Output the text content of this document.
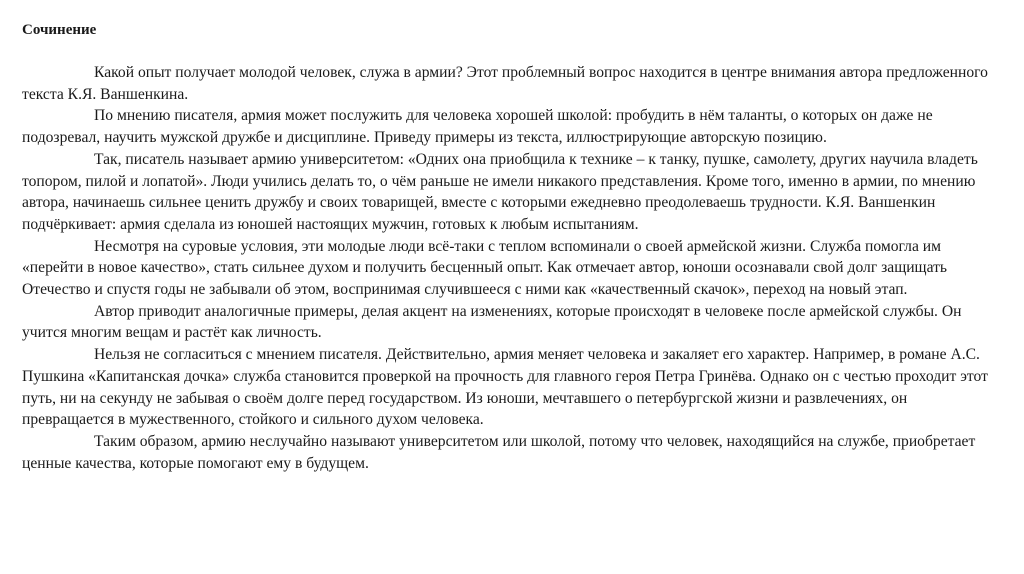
Сочинение

Какой опыт получает молодой человек, служа в армии? Этот проблемный вопрос находится в центре внимания автора предложенного текста К.Я. Ваншенкина.

По мнению писателя, армия может послужить для человека хорошей школой: пробудить в нём таланты, о которых он даже не подозревал, научить мужской дружбе и дисциплине. Приведу примеры из текста, иллюстрирующие авторскую позицию.

Так, писатель называет армию университетом: «Одних она приобщила к технике – к танку, пушке, самолету, других научила владеть топором, пилой и лопатой». Люди учились делать то, о чём раньше не имели никакого представления. Кроме того, именно в армии, по мнению автора, начинаешь сильнее ценить дружбу и своих товарищей, вместе с которыми ежедневно преодолеваешь трудности. К.Я. Ваншенкин подчёркивает: армия сделала из юношей настоящих мужчин, готовых к любым испытаниям.

Несмотря на суровые условия, эти молодые люди всё-таки с теплом вспоминали о своей армейской жизни. Служба помогла им «перейти в новое качество», стать сильнее духом и получить бесценный опыт. Как отмечает автор, юноши осознавали свой долг защищать Отечество и спустя годы не забывали об этом, воспринимая случившееся с ними как «качественный скачок», переход на новый этап.

Автор приводит аналогичные примеры, делая акцент на изменениях, которые происходят в человеке после армейской службы. Он учится многим вещам и растёт как личность.

Нельзя не согласиться с мнением писателя. Действительно, армия меняет человека и закаляет его характер. Например, в романе А.С. Пушкина «Капитанская дочка» служба становится проверкой на прочность для главного героя Петра Гринёва. Однако он с честью проходит этот путь, ни на секунду не забывая о своём долге перед государством. Из юноши, мечтавшего о петербургской жизни и развлечениях, он превращается в мужественного, стойкого и сильного духом человека.

Таким образом, армию неслучайно называют университетом или школой, потому что человек, находящийся на службе, приобретает ценные качества, которые помогают ему в будущем.
